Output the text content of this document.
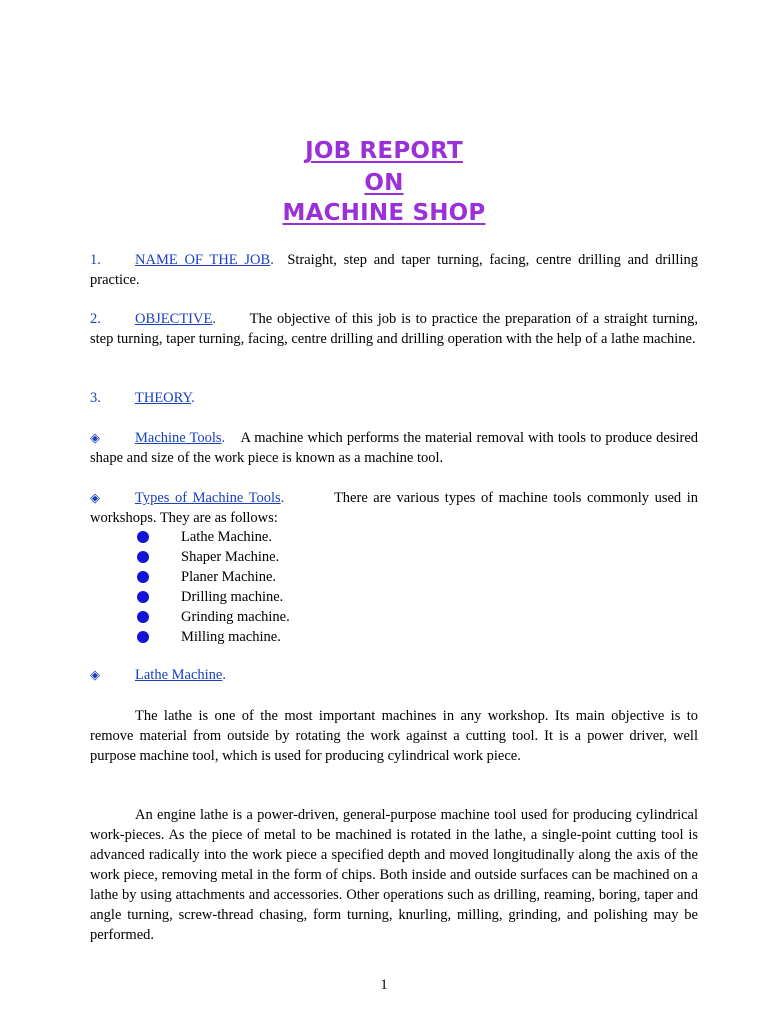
JOB REPORT
ON
MACHINE SHOP
1. NAME OF THE JOB. Straight, step and taper turning, facing, centre drilling and drilling practice.
2. OBJECTIVE. The objective of this job is to practice the preparation of a straight turning, step turning, taper turning, facing, centre drilling and drilling operation with the help of a lathe machine.
3. THEORY.
◈ Machine Tools. A machine which performs the material removal with tools to produce desired shape and size of the work piece is known as a machine tool.
◈ Types of Machine Tools.	There are various types of machine tools commonly used in workshops. They are as follows:
Lathe Machine.
Shaper Machine.
Planer Machine.
Drilling machine.
Grinding machine.
Milling machine.
◈ Lathe Machine.
The lathe is one of the most important machines in any workshop. Its main objective is to remove material from outside by rotating the work against a cutting tool. It is a power driver, well purpose machine tool, which is used for producing cylindrical work piece.
An engine lathe is a power-driven, general-purpose machine tool used for producing cylindrical work-pieces. As the piece of metal to be machined is rotated in the lathe, a single-point cutting tool is advanced radically into the work piece a specified depth and moved longitudinally along the axis of the work piece, removing metal in the form of chips. Both inside and outside surfaces can be machined on a lathe by using attachments and accessories. Other operations such as drilling, reaming, boring, taper and angle turning, screw-thread chasing, form turning, knurling, milling, grinding, and polishing may be performed.
1
